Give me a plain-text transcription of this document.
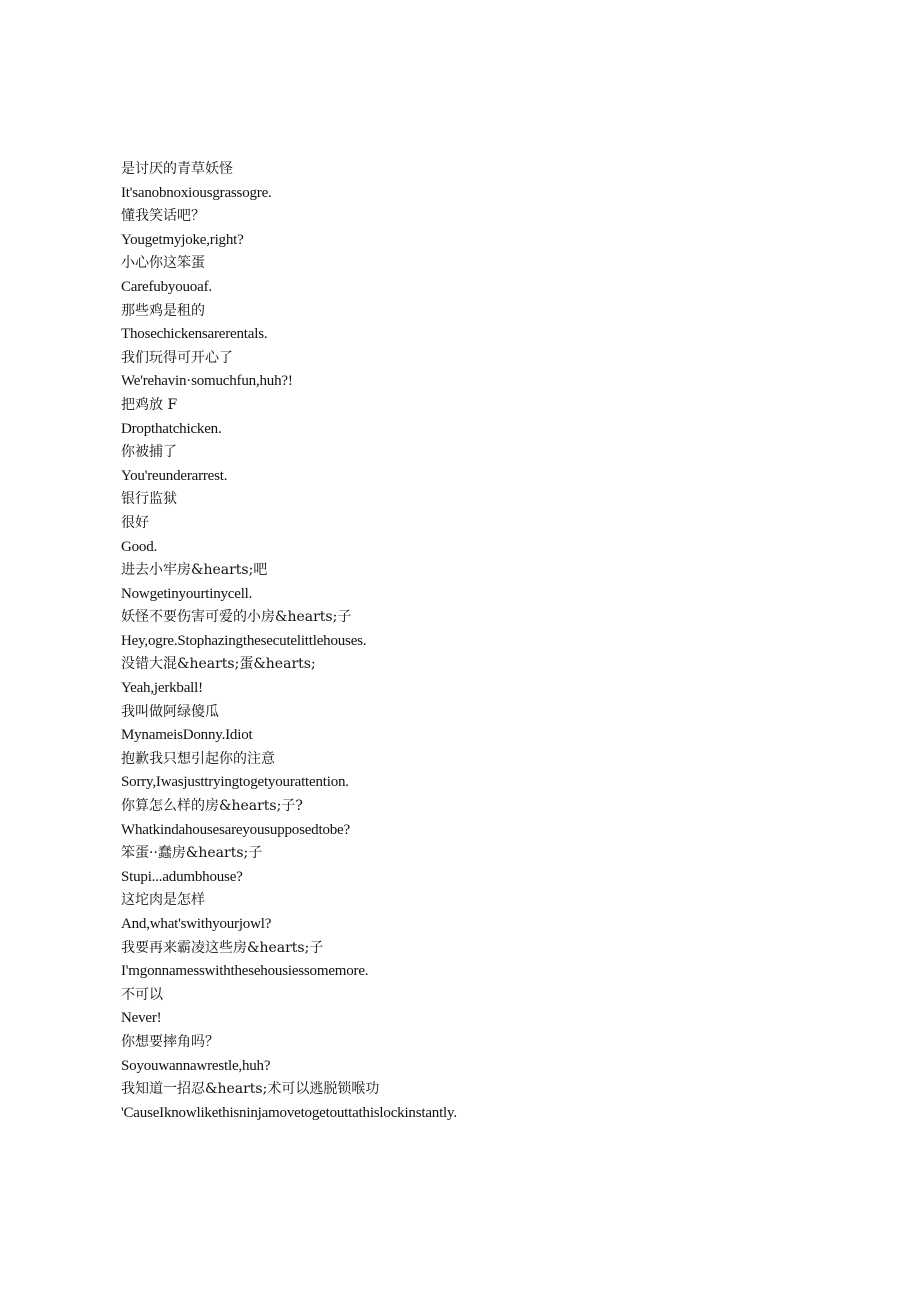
是讨厌的青草妖怪
It'sanobnoxiousgrassogre.
懂我笑话吧？
Yougetmyjoke,right?
小心你这笨蛋
Carefubyouoaf.
那些鸡是租的
Thosechickensarerentals.
我们玩得可开心了
We'rehavin·somuchfun,huh?!
把鸡放 F
Dropthatchicken.
你被捕了
You'reunderarrest.
银行监狱
很好
Good.
进去小牢房&hearts;吧
Nowgetinyourtinycell.
妖怪不要伤害可爱的小房&hearts;子
Hey,ogre.Stophazingthesecutelittlehouses.
没错大混&hearts;蛋&hearts;
Yeah,jerkball!
我叫做阿绿傻瓜
MynameisDonny.Idiot
抱歉我只想引起你的注意
Sorry,Iwasjusttryingtogetyourattention.
你算怎么样的房&hearts;子?
Whatkindahousesareyousupposedtobe?
笨蛋··蠢房&hearts;子
Stupi...adumbhouse?
这坨肉是怎样
And,what'swithyourjowl?
我要再来霸凌这些房&hearts;子
I'mgonnamesswiththesehousiessomemore.
不可以
Never!
你想要摔角吗？
Soyouwannawrestle,huh?
我知道一招忍&hearts;术可以逃脱锁喉功
'CauseIknowlikethisninjamovetogetouttathislockinstantly.
